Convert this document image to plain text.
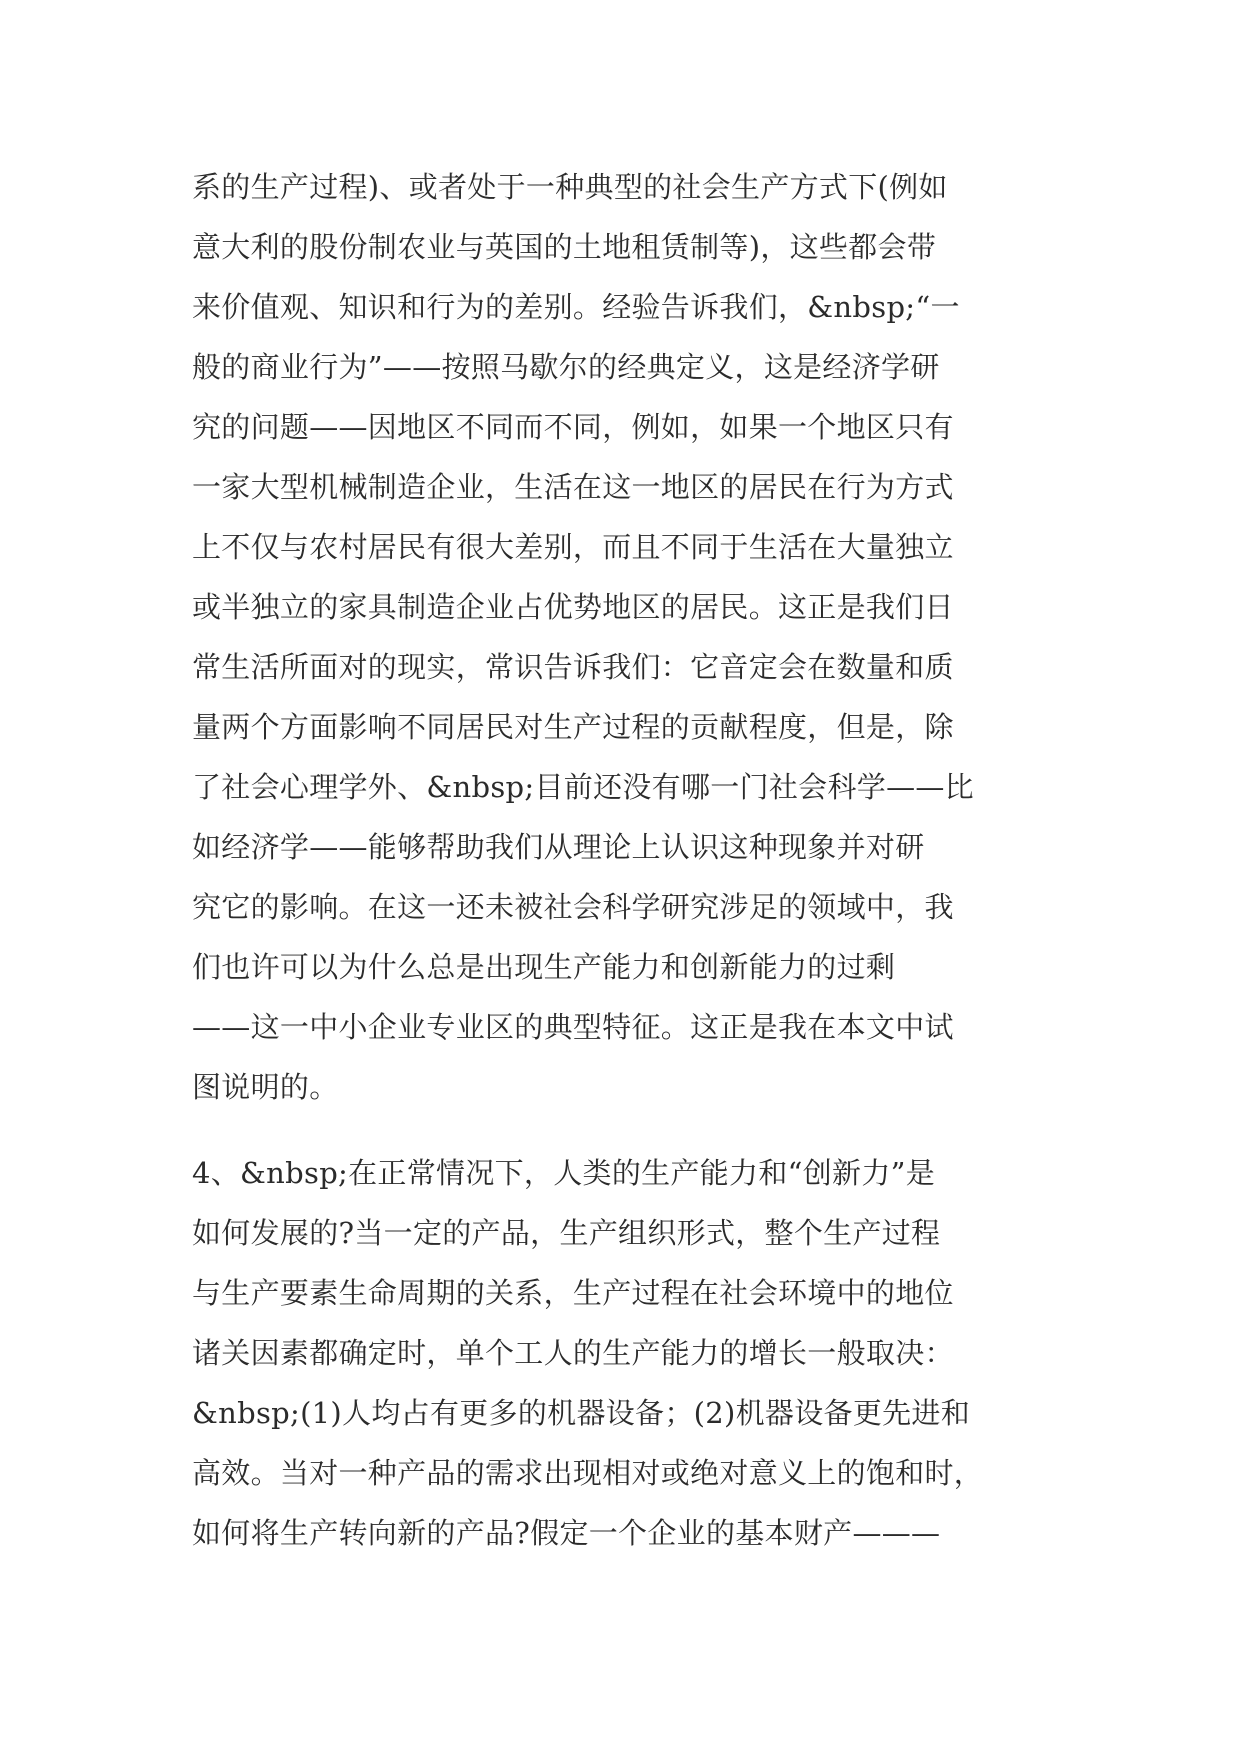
系的生产过程)、或者处于一种典型的社会生产方式下(例如
意大利的股份制农业与英国的土地租赁制等)，这些都会带
来价值观、知识和行为的差别。经验告诉我们，&nbsp;“一
般的商业行为”——按照马歇尔的经典定义，这是经济学研
究的问题——因地区不同而不同，例如，如果一个地区只有
一家大型机械制造企业，生活在这一地区的居民在行为方式
上不仅与农村居民有很大差别，而且不同于生活在大量独立
或半独立的家具制造企业占优势地区的居民。这正是我们日
常生活所面对的现实，常识告诉我们：它音定会在数量和质
量两个方面影响不同居民对生产过程的贡献程度，但是，除
了社会心理学外、&nbsp;目前还没有哪一门社会科学——比
如经济学——能够帮助我们从理论上认识这种现象并对研
究它的影响。在这一还未被社会科学研究涉足的领域中，我
们也许可以为什么总是出现生产能力和创新能力的过剩
——这一中小企业专业区的典型特征。这正是我在本文中试
图说明的。
4、&nbsp;在正常情况下，人类的生产能力和“创新力”是
如何发展的?当一定的产品，生产组织形式，整个生产过程
与生产要素生命周期的关系，生产过程在社会环境中的地位
诸关因素都确定时，单个工人的生产能力的增长一般取决：
&nbsp;(1)人均占有更多的机器设备；(2)机器设备更先进和
高效。当对一种产品的需求出现相对或绝对意义上的饱和时，
如何将生产转向新的产品?假定一个企业的基本财产———
